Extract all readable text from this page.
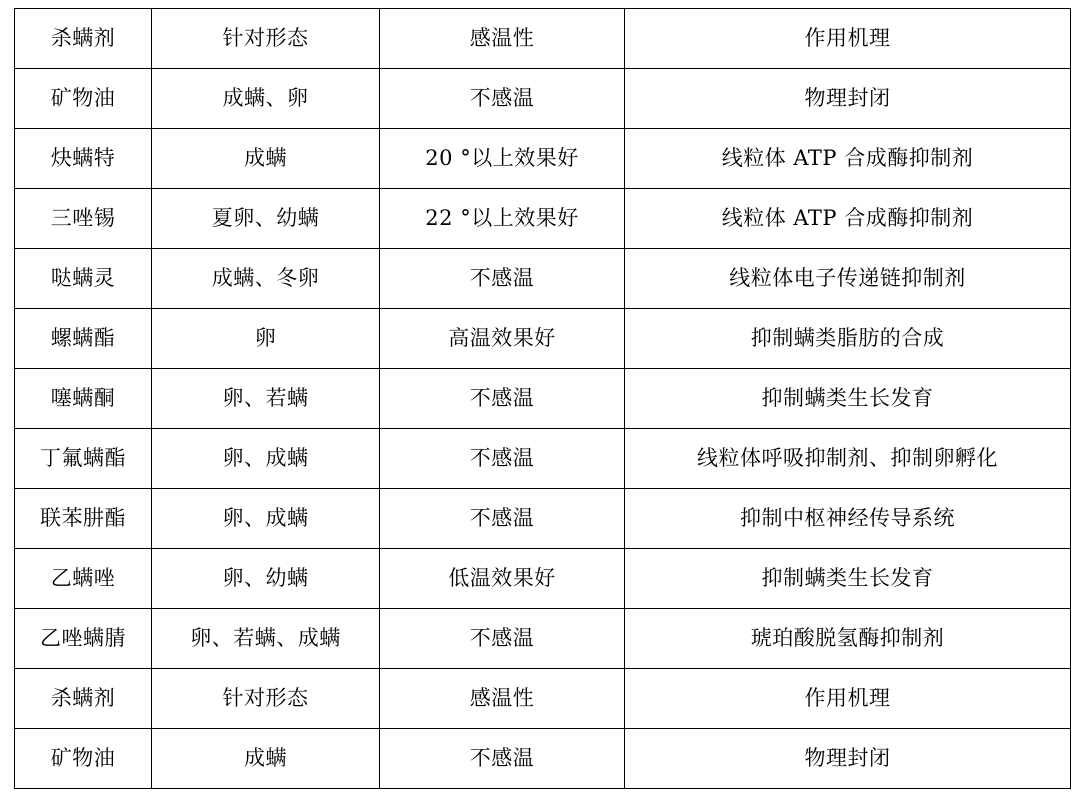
杀螨剂	针对形态	感温性	作用机理
矿物油	成螨、卵	不感温	物理封闭
炔螨特	成螨	20 °以上效果好	线粒体 ATP 合成酶抑制剂
三唑锡	夏卵、幼螨	22 °以上效果好	线粒体 ATP 合成酶抑制剂
哒螨灵	成螨、冬卵	不感温	线粒体电子传递链抑制剂
螺螨酯	卵	高温效果好	抑制螨类脂肪的合成
噻螨酮	卵、若螨	不感温	抑制螨类生长发育
丁氟螨酯	卵、成螨	不感温	线粒体呼吸抑制剂、抑制卵孵化
联苯肼酯	卵、成螨	不感温	抑制中枢神经传导系统
乙螨唑	卵、幼螨	低温效果好	抑制螨类生长发育
乙唑螨腈	卵、若螨、成螨	不感温	琥珀酸脱氢酶抑制剂
杀螨剂	针对形态	感温性	作用机理
矿物油	成螨	不感温	物理封闭
